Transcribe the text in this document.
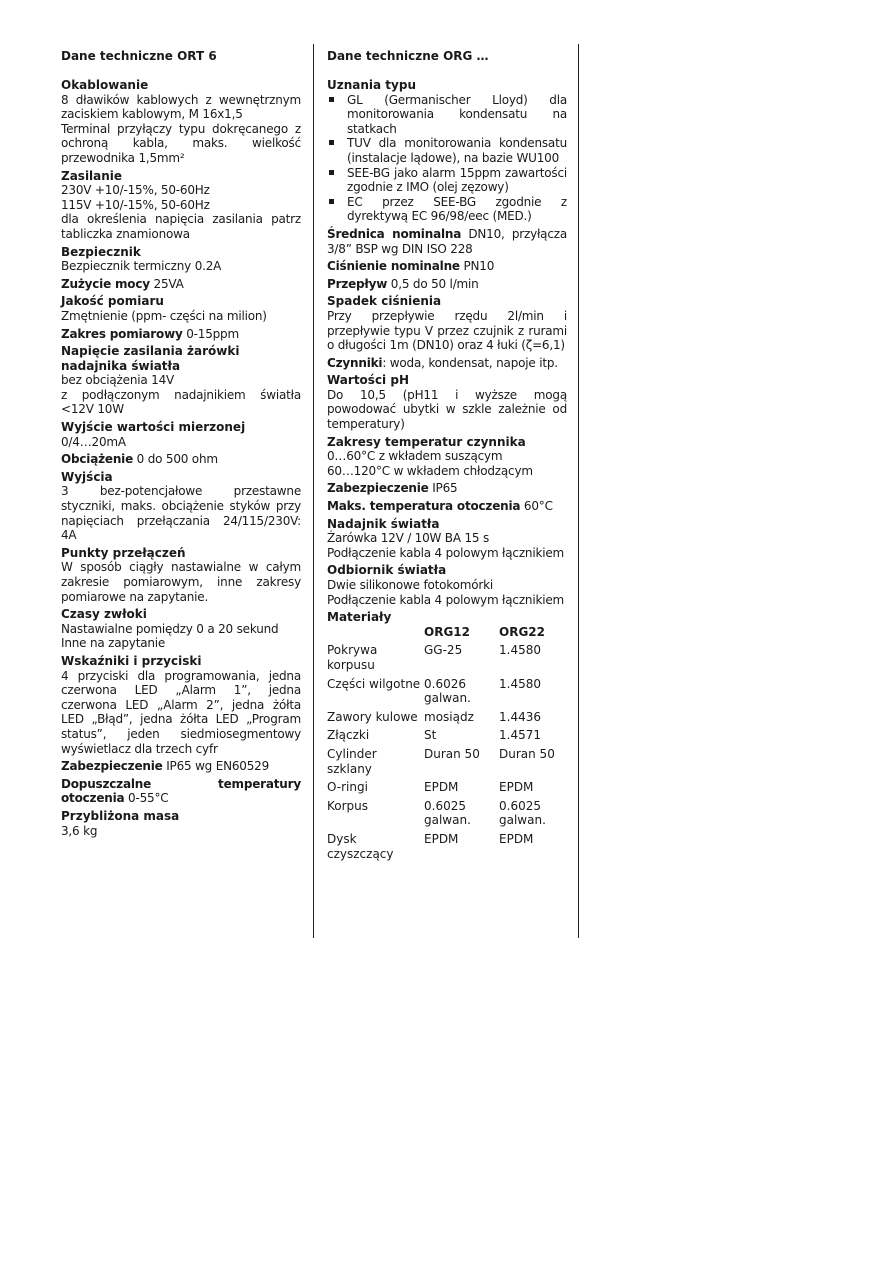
Dane techniczne ORT 6
Okablowanie
8 dławików kablowych z wewnętrznym zaciskiem kablowym, M 16x1,5
Terminal przyłączy typu dokręcanego z ochroną kabla, maks. wielkość przewodnika 1,5mm²
Zasilanie
230V +10/-15%, 50-60Hz
115V +10/-15%, 50-60Hz
dla określenia napięcia zasilania patrz tabliczka znamionowa
Bezpiecznik
Bezpiecznik termiczny 0.2A
Zużycie mocy 25VA
Jakość pomiaru
Zmętnienie (ppm- części na milion)
Zakres pomiarowy 0-15ppm
Napięcie zasilania żarówki nadajnika światła
bez obciążenia 14V
z podłączonym nadajnikiem światła <12V 10W
Wyjście wartości mierzonej
0/4…20mA
Obciążenie 0 do 500 ohm
Wyjścia
3 bez-potencjałowe przestawne styczniki, maks. obciążenie styków przy napięciach przełączania 24/115/230V: 4A
Punkty przełączeń
W sposób ciągły nastawialne w całym zakresie pomiarowym, inne zakresy pomiarowe na zapytanie.
Czasy zwłoki
Nastawialne pomiędzy 0 a 20 sekund
Inne na zapytanie
Wskaźniki i przyciski
4 przyciski dla programowania, jedna czerwona LED „Alarm 1”, jedna czerwona LED „Alarm 2”, jedna żółta LED „Błąd”, jedna żółta LED „Program status”, jeden siedmiosegmentowy wyświetlacz dla trzech cyfr
Zabezpieczenie IP65 wg EN60529
Dopuszczalne temperatury otoczenia 0-55°C
Przybliżona masa
3,6 kg
Dane techniczne ORG …
Uznania typu
GL (Germanischer Lloyd) dla monitorowania kondensatu na statkach
TUV dla monitorowania kondensatu (instalacje lądowe), na bazie WU100
SEE-BG jako alarm 15ppm zawartości zgodnie z IMO (olej zęzowy)
EC przez SEE-BG zgodnie z dyrektywą EC 96/98/eec (MED.)
Średnica nominalna DN10, przyłącza 3/8” BSP wg DIN ISO 228
Ciśnienie nominalne PN10
Przepływ 0,5 do 50 l/min
Spadek ciśnienia
Przy przepływie rzędu 2l/min i przepływie typu V przez czujnik z rurami o długości 1m (DN10) oraz 4 łuki (ζ=6,1)
Czynniki: woda, kondensat, napoje itp.
Wartości pH
Do 10,5 (pH11 i wyższe mogą powodować ubytki w szkle zależnie od temperatury)
Zakresy temperatur czynnika
0…60°C z wkładem suszącym
60…120°C w wkładem chłodzącym
Zabezpieczenie IP65
Maks. temperatura otoczenia 60°C
Nadajnik światła
Żarówka 12V / 10W BA 15 s
Podłączenie kabla 4 polowym łącznikiem
Odbiornik światła
Dwie silikonowe fotokomórki
Podłączenie kabla 4 polowym łącznikiem
Materiały
	ORG12	ORG22
Pokrywa korpusu	GG-25	1.4580
Części wilgotne	0.6026 galwan.	1.4580
Zawory kulowe	mosiądz	1.4436
Złączki	St	1.4571
Cylinder szklany	Duran 50	Duran 50
O-ringi	EPDM	EPDM
Korpus	0.6025 galwan.	0.6025 galwan.
Dysk czyszczący	EPDM	EPDM
